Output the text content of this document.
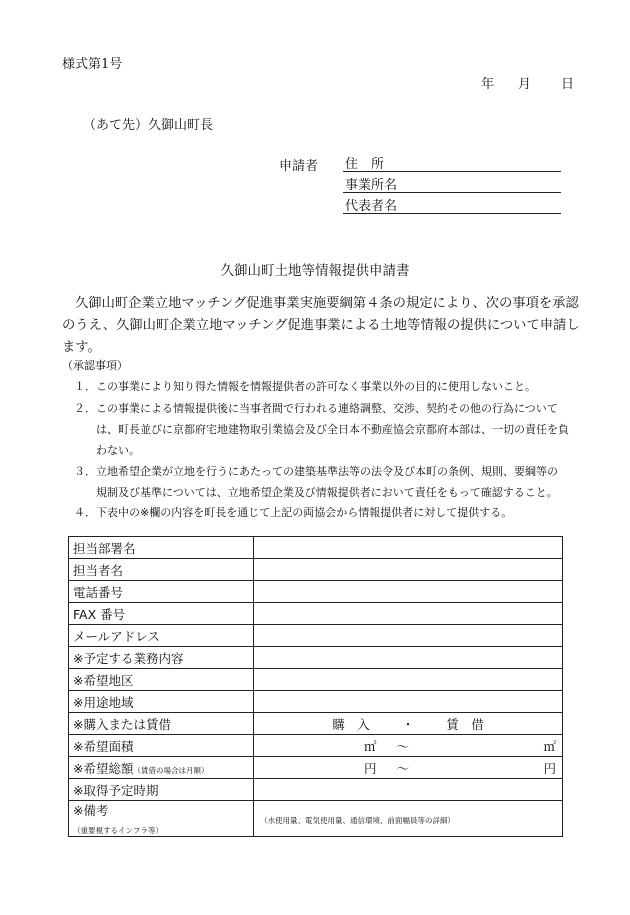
様式第1号
年 月 日
（あて先）久御山町長
申請者 住　所
事業所名
代表者名
久御山町土地等情報提供申請書
久御山町企業立地マッチング促進事業実施要綱第４条の規定により、次の事項を承認のうえ、久御山町企業立地マッチング促進事業による土地等情報の提供について申請します。
（承認事項）
１．この事業により知り得た情報を情報提供者の許可なく事業以外の目的に使用しないこと。
２．この事業による情報提供後に当事者間で行われる連絡調整、交渉、契約その他の行為について
は、町長並びに京都府宅地建物取引業協会及び全日本不動産協会京都府本部は、一切の責任を負
わない。
３．立地希望企業が立地を行うにあたっての建築基準法等の法令及び本町の条例、規則、要綱等の
規制及び基準については、立地希望企業及び情報提供者において責任をもって確認すること。
４．下表中の※欄の内容を町長を通じて上記の両協会から情報提供者に対して提供する。
担当部署名	
担当者名	
電話番号	
FAX 番号	
メールアドレス	
※予定する業務内容	
※希望地区	
※用途地域	
※購入または賃借	購　入 ・ 賃　借
※希望面積	㎡ 〜 ㎡

※希望総額（賃借の場合は月額）	円 〜 円

※取得予定時期	

※備考
（重要視するインフラ等）	（水使用量、電気使用量、通信環境、前面幅員等の詳細）
